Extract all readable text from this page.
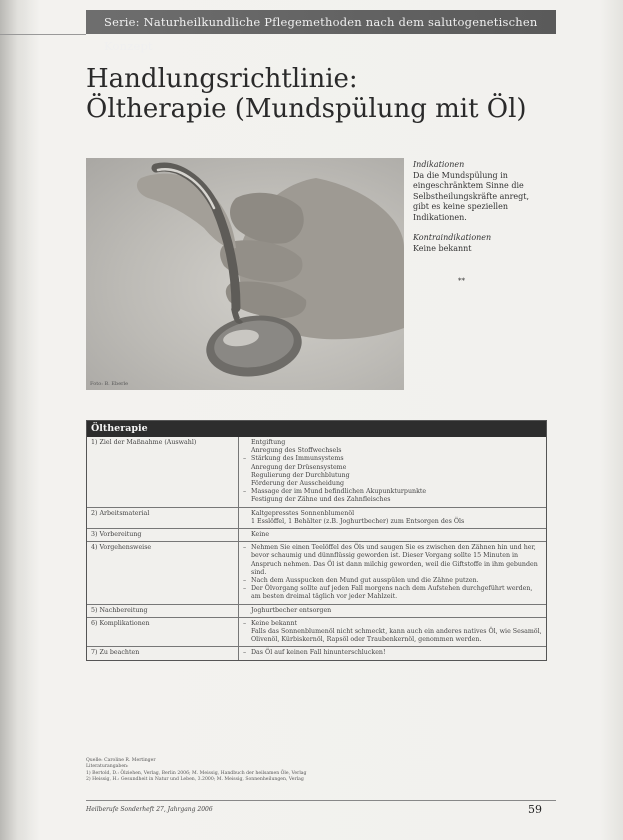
Serie: Naturheilkundliche Pflegemethoden nach dem salutogenetischen Konzept
Handlungsrichtlinie:
Öltherapie (Mundspülung mit Öl)
Foto: B. Eberle
Indikationen
Da die Mundspülung in eingeschränktem Sinne die Selbstheilungskräfte anregt, gibt es keine speziellen Indikationen.
Kontraindikationen
Keine bekannt
**
Öltherapie
1) Ziel der Maßnahme (Auswahl)	Entgiftung
Anregung des Stoffwechsels
– Stärkung des Immunsystems
Anregung der Drüsensysteme
Regulierung der Durchblutung
Förderung der Ausscheidung
– Massage der im Mund befindlichen Akupunkturpunkte
Festigung der Zähne und des Zahnfleisches
2) Arbeitsmaterial	Kaltgepresstes Sonnenblumenöl
1 Esslöffel, 1 Behälter (z.B. Joghurtbecher) zum Entsorgen des Öls
3) Vorbereitung	Keine
4) Vorgehensweise	– Nehmen Sie einen Teelöffel des Öls und saugen Sie es zwischen den Zähnen hin und her, bevor schaumig und dünnflüssig geworden ist. Dieser Vorgang sollte 15 Minuten in Anspruch nehmen. Das Öl ist dann milchig geworden, weil die Giftstoffe in ihm gebunden sind.
– Nach dem Ausspucken den Mund gut ausspülen und die Zähne putzen.
– Der Ölvorgang sollte auf jeden Fall morgens nach dem Aufstehen durchgeführt werden, am besten dreimal täglich vor jeder Mahlzeit.
5) Nachbereitung	Joghurtbecher entsorgen
6) Komplikationen	– Keine bekannt
Falls das Sonnenblumenöl nicht schmeckt, kann auch ein anderes natives Öl, wie Sesamöl, Olivenöl, Kürbiskernöl, Rapsöl oder Traubenkernöl, genommen werden.
7) Zu beachten	– Das Öl auf keinen Fall hinunterschlucken!
Quelle: Caroline R. Mertinger
Literaturangaben:
1) Bertold, D.: Ölziehen, Verlag, Berlin 2006; M. Meissig, Handbuch der heilsamen Öle, Verlag
2) Heissig, H.: Gesundheit in Natur und Leben, 3.2000; M. Meissig, Sonnenheilungen, Verlag
Heilberufe Sonderheft 27, Jahrgang 2006	59
